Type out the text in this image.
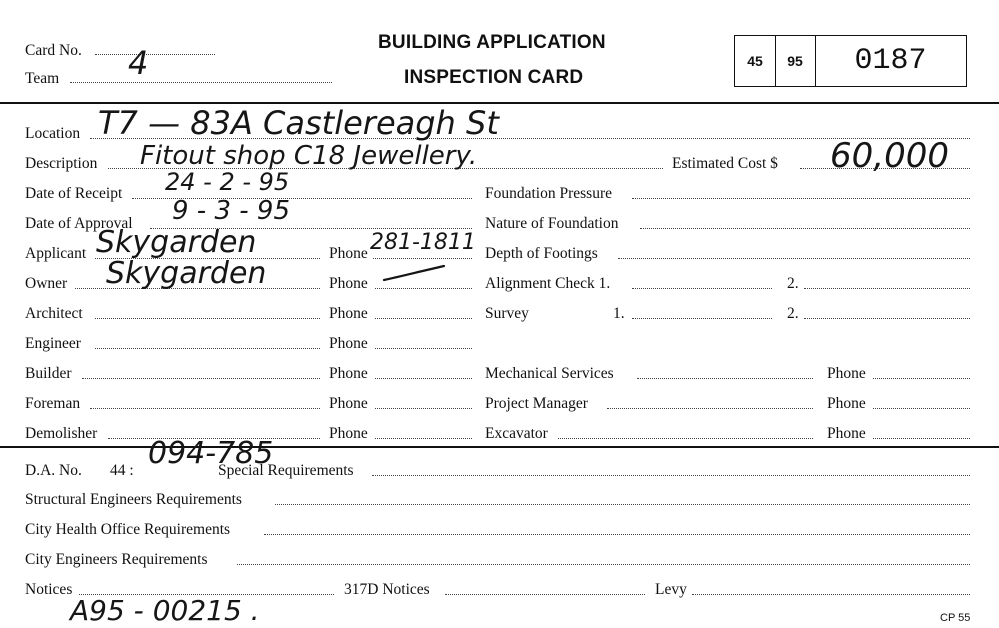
Card No.
Team 4
BUILDING APPLICATION
INSPECTION CARD
45	95	0187
Location T7 — 83A Castlereagh St
Description Fitout shop C18 Jewellery.	Estimated Cost $ 60,000
Date of Receipt 24 - 2 - 95
Date of Approval 9 - 3 - 95
Applicant Skygarden	Phone 281-1811
Owner Skygarden	Phone
Architect	Phone
Engineer	Phone
Builder	Phone
Foreman	Phone
Demolisher	Phone
Foundation Pressure
Nature of Foundation
Depth of Footings
Alignment Check 1.	2.
Survey	1.	2.
Mechanical Services	Phone
Project Manager	Phone
Excavator	Phone
D.A. No. 44 : 094-785
Special Requirements
Structural Engineers Requirements
City Health Office Requirements
City Engineers Requirements
Notices	317D Notices	Levy
A95 - 00215 .	CP 55
